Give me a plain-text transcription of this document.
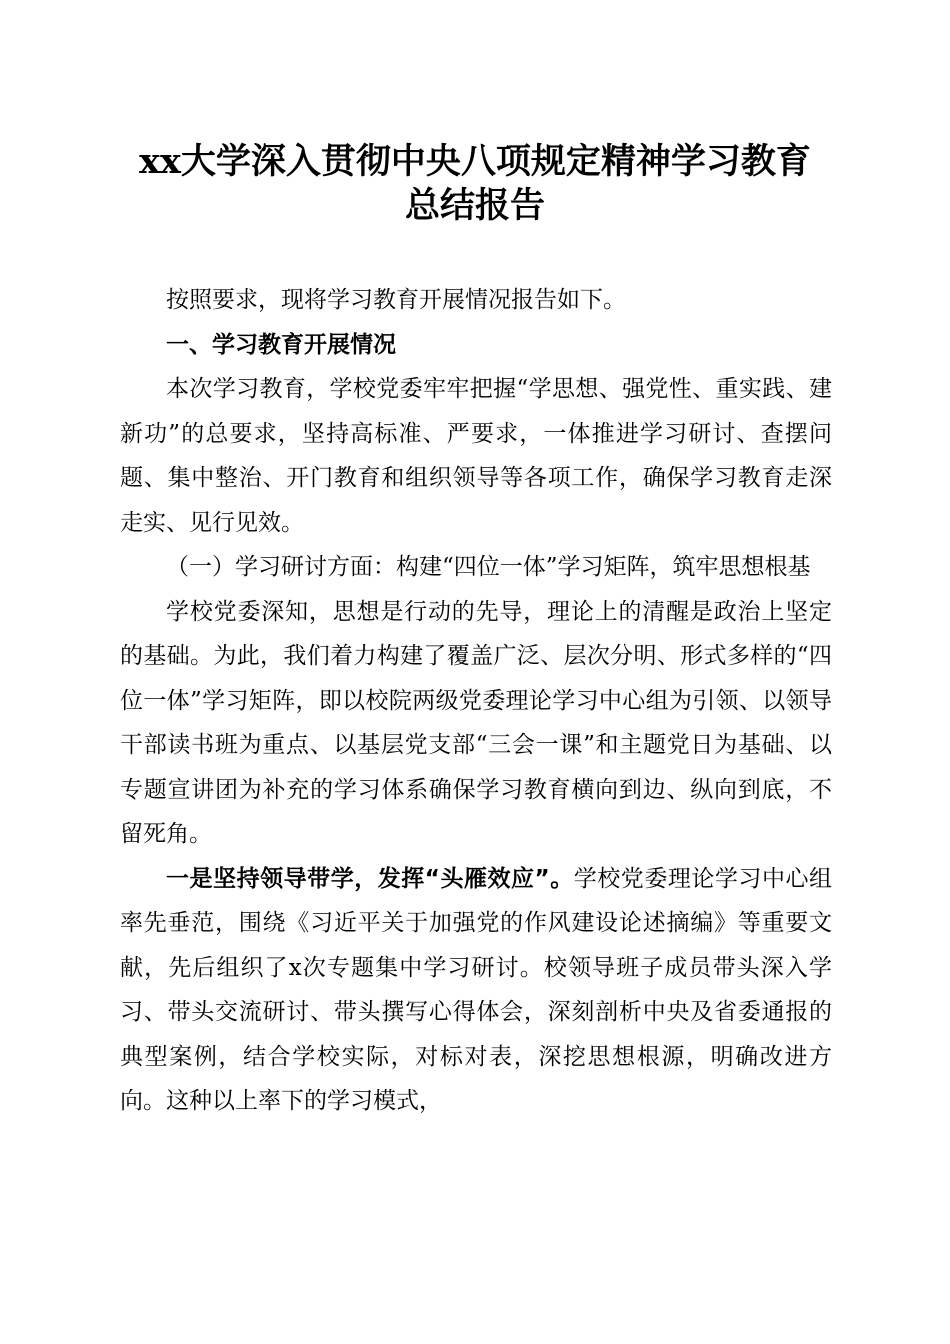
xx大学深入贯彻中央八项规定精神学习教育
总结报告

按照要求，现将学习教育开展情况报告如下。

一、学习教育开展情况

本次学习教育，学校党委牢牢把握“学思想、强党性、重实践、建新功”的总要求，坚持高标准、严要求，一体推进学习研讨、查摆问题、集中整治、开门教育和组织领导等各项工作，确保学习教育走深走实、见行见效。

（一）学习研讨方面：构建“四位一体”学习矩阵，筑牢思想根基

学校党委深知，思想是行动的先导，理论上的清醒是政治上坚定的基础。为此，我们着力构建了覆盖广泛、层次分明、形式多样的“四位一体”学习矩阵，即以校院两级党委理论学习中心组为引领、以领导干部读书班为重点、以基层党支部“三会一课”和主题党日为基础、以专题宣讲团为补充的学习体系确保学习教育横向到边、纵向到底，不留死角。

一是坚持领导带学，发挥“头雁效应”。学校党委理论学习中心组率先垂范，围绕《习近平关于加强党的作风建设论述摘编》等重要文献，先后组织了x次专题集中学习研讨。校领导班子成员带头深入学习、带头交流研讨、带头撰写心得体会，深刻剖析中央及省委通报的典型案例，结合学校实际，对标对表，深挖思想根源，明确改进方向。这种以上率下的学习模式，
